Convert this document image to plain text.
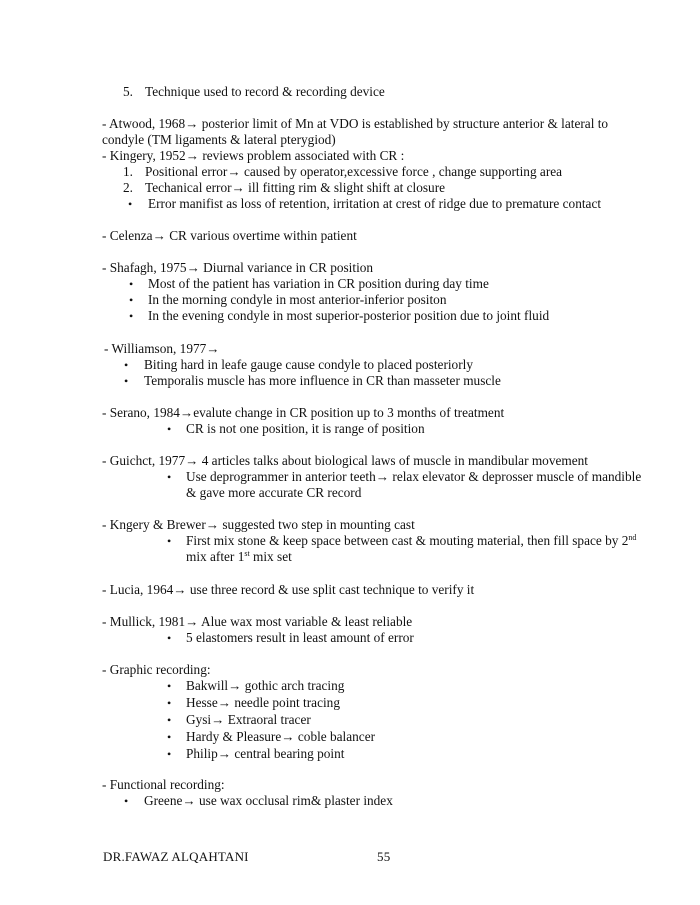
5. Technique used to record & recording device
- Atwood, 1968→ posterior limit of Mn at VDO is established by structure anterior & lateral to
condyle (TM ligaments & lateral pterygiod)
- Kingery, 1952→ reviews problem associated with CR :
1. Positional error→ caused by operator,excessive force , change supporting area
2. Techanical error→ ill fitting rim & slight shift at closure
• Error manifist as loss of retention, irritation at crest of ridge due to premature contact
- Celenza→ CR various overtime within patient
- Shafagh, 1975→ Diurnal variance in CR position
• Most of the patient has variation in CR position during day time
• In the morning condyle in most anterior-inferior positon
• In the evening condyle in most superior-posterior position due to joint fluid
- Williamson, 1977→
• Biting hard in leafe gauge cause condyle to placed posteriorly
• Temporalis muscle has more influence in CR than masseter muscle
- Serano, 1984→evalute change in CR position up to 3 months of treatment
• CR is not one position, it is range of position
- Guichct, 1977→ 4 articles talks about biological laws of muscle in mandibular movement
• Use deprogrammer in anterior teeth→ relax elevator & deprosser muscle of mandible
& gave more accurate CR record
- Kngery & Brewer→ suggested two step in mounting cast
• First mix stone & keep space between cast & mouting material, then fill space by 2nd
mix after 1st mix set
- Lucia, 1964→ use three record & use split cast technique to verify it
- Mullick, 1981→ Alue wax most variable & least reliable
• 5 elastomers result in least amount of error
- Graphic recording:
• Bakwill→ gothic arch tracing
• Hesse→ needle point tracing
• Gysi→ Extraoral tracer
• Hardy & Pleasure→ coble balancer
• Philip→ central bearing point
- Functional recording:
• Greene→ use wax occlusal rim& plaster index
DR.FAWAZ ALQAHTANI	55
